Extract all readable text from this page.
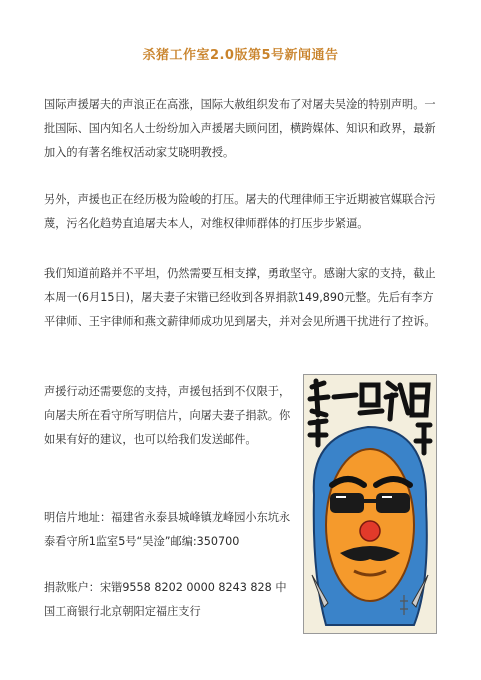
杀猪工作室2.0版第5号新闻通告
国际声援屠夫的声浪正在高涨，国际大赦组织发布了对屠夫吴淦的特别声明。一批国际、国内知名人士纷纷加入声援屠夫顾问团，横跨媒体、知识和政界，最新加入的有著名维权活动家艾晓明教授。
另外，声援也正在经历极为险峻的打压。屠夫的代理律师王宇近期被官媒联合污蔑，污名化趋势直追屠夫本人，对维权律师群体的打压步步紧逼。
我们知道前路并不平坦，仍然需要互相支撑，勇敢坚守。感谢大家的支持，截止本周一(6月15日)，屠夫妻子宋锴已经收到各界捐款149,890元整。先后有李方平律师、王宇律师和燕文薪律师成功见到屠夫，并对会见所遇干扰进行了控诉。
声援行动还需要您的支持，声援包括到不仅限于，向屠夫所在看守所写明信片，向屠夫妻子捐款。你如果有好的建议，也可以给我们发送邮件。
明信片地址：福建省永泰县城峰镇龙峰园小东坑永泰看守所1监室5号“吴淦”邮编:350700
捐款账户：宋锴9558 8202 0000 8243 828 中国工商银行北京朝阳定福庄支行
